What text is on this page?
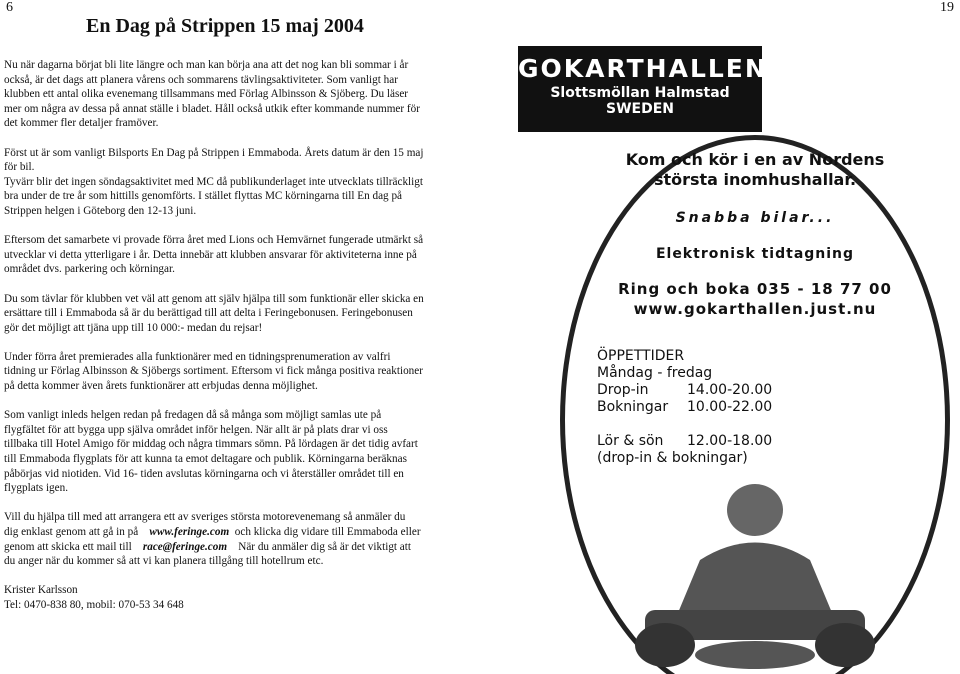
6	19
En Dag på Strippen 15 maj 2004
Nu när dagarna börjat bli lite längre och man kan börja ana att det nog kan bli sommar i år
också, är det dags att planera vårens och sommarens tävlingsaktiviteter. Som vanligt har
klubben ett antal olika evenemang tillsammans med Förlag Albinsson & Sjöberg. Du läser
mer om några av dessa på annat ställe i bladet. Håll också utkik efter kommande nummer för
det kommer fler detaljer framöver.
Först ut är som vanligt Bilsports En Dag på Strippen i Emmaboda. Årets datum är den 15 maj
för bil.
Tyvärr blir det ingen söndagsaktivitet med MC då publikunderlaget inte utvecklats tillräckligt
bra under de tre år som hittills genomförts. I stället flyttas MC körningarna till En dag på
Strippen helgen i Göteborg den 12-13 juni.
Eftersom det samarbete vi provade förra året med Lions och Hemvärnet fungerade utmärkt så
utvecklar vi detta ytterligare i år. Detta innebär att klubben ansvarar för aktiviteterna inne på
området dvs. parkering och körningar.
Du som tävlar för klubben vet väl att genom att själv hjälpa till som funktionär eller skicka en
ersättare till i Emmaboda så är du berättigad till att delta i Feringebonusen. Feringebonusen
gör det möjligt att tjäna upp till 10 000:- medan du rejsar!
Under förra året premierades alla funktionärer med en tidningsprenumeration av valfri
tidning ur Förlag Albinsson & Sjöbergs sortiment. Eftersom vi fick många positiva reaktioner
på detta kommer även årets funktionärer att erbjudas denna möjlighet.
Som vanligt inleds helgen redan på fredagen då så många som möjligt samlas ute på
flygfältet för att bygga upp själva området inför helgen. När allt är på plats drar vi oss
tillbaka till Hotel Amigo för middag och några timmars sömn. På lördagen är det tidig avfart
till Emmaboda flygplats för att kunna ta emot deltagare och publik. Körningarna beräknas
påbörjas vid niotiden. Vid 16- tiden avslutas körningarna och vi återställer området till en
flygplats igen.
Vill du hjälpa till med att arrangera ett av sveriges största motorevenemang så anmäler du
dig enklast genom att gå in på www.feringe.com och klicka dig vidare till Emmaboda eller
genom att skicka ett mail till race@feringe.com När du anmäler dig så är det viktigt att
du anger när du kommer så att vi kan planera tillgång till hotellrum etc.
Krister Karlsson
Tel: 0470-838 80, mobil: 070-53 34 648
GOKARTHALLEN
Slottsmöllan Halmstad
SWEDEN
Kom och kör i en av Nordens
största inomhushallar.
Snabba bilar...
Elektronisk tidtagning
Ring och boka 035 - 18 77 00
www.gokarthallen.just.nu
ÖPPETTIDER
Måndag - fredag
Drop-in	14.00-20.00
Bokningar	10.00-22.00
Lör & sön	12.00-18.00
(drop-in & bokningar)
